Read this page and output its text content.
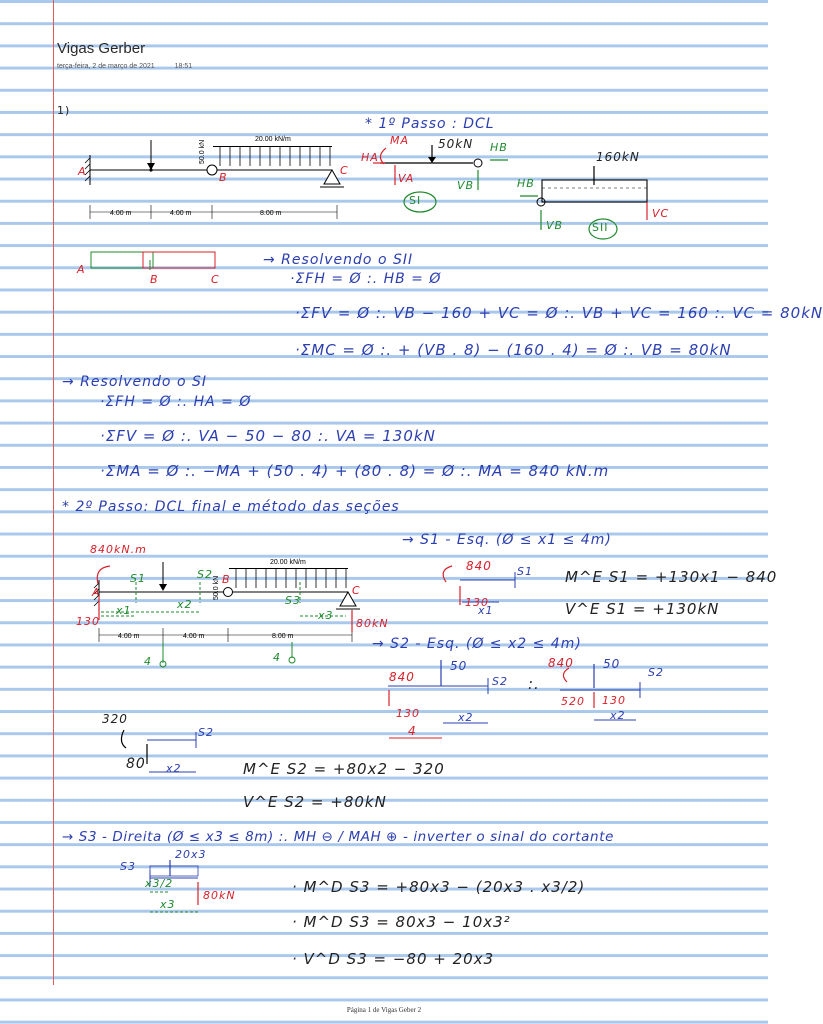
Vigas Gerber
terça-feira, 2 de março de 2021	18:51
1)
50.0 kN
20.00 kN/m
4.00 m	4.00 m	8.00 m
50.0 kN
20.00 kN/m
4.00 m	4.00 m	8.00 m
A	B
C
* 1º Passo : DCL
MA
HA
VA
50kN HB
VB
SI
160kN
HB
VB
VC
SII
A
B	C
→ Resolvendo o SII
·ΣFH = Ø :. HB = Ø
·ΣFV = Ø :. VB − 160 + VC = Ø :. VB + VC = 160 :. VC = 80kN
·ΣMC = Ø :. + (VB . 8) − (160 . 4) = Ø :. VB = 80kN
→ Resolvendo o SI
·ΣFH = Ø :. HA = Ø
·ΣFV = Ø :. VA − 50 − 80 :. VA = 130kN
·ΣMA = Ø :. −MA + (50 . 4) + (80 . 8) = Ø :. MA = 840 kN.m
* 2º Passo: DCL final e método das seções
840kN.m
A
B
C
S1	S2
S3
x1	x2
x3
130	80kN
4	4
→ S1 - Esq. (Ø ≤ x1 ≤ 4m)
840 S1
x1
130
M^E S1 = +130x1 − 840
V^E S1 = +130kN
→ S2 - Esq. (Ø ≤ x2 ≤ 4m)
840
50
S2
130	x2
4
:.
840 50
S2
520 130
x2
320
S2
80 x2	M^E S2 = +80x2 − 320
V^E S2 = +80kN
→ S3 - Direita (Ø ≤ x3 ≤ 8m) :. MH ⊖ / MAH ⊕ - inverter o sinal do cortante
S3
20x3
x3/2
x3
80kN	· M^D S3 = +80x3 − (20x3 . x3/2)
· M^D S3 = 80x3 − 10x3²
· V^D S3 = −80 + 20x3
Página 1 de Vigas Geber 2
